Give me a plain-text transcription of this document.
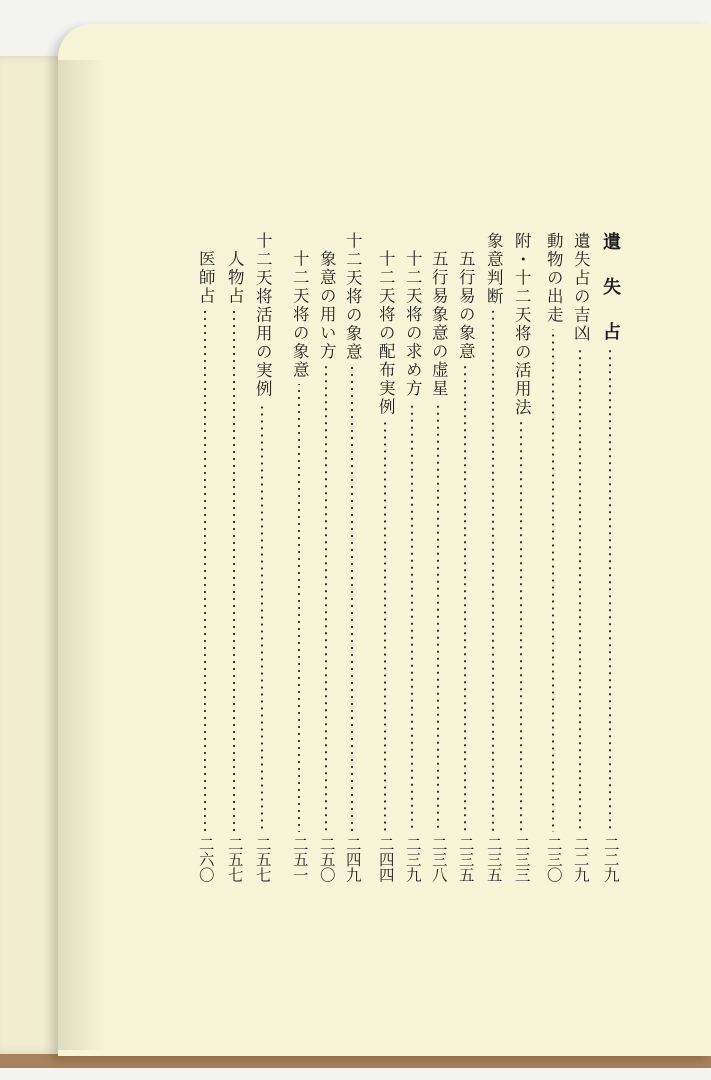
遺 失 占
二二九
遺失占の吉凶
二二九
動物の出走
二三〇
附・十二天将の活用法
二三三
象意判断
二三五
五行易の象意
二三五
五行易象意の虚星
二三八
十二天将の求め方
二三九
十二天将の配布実例
二四四
十二天将の象意
二四九
象意の用い方
二五〇
十二天将の象意
二五一
十二天将活用の実例
二五七
人物占
二五七
医師占
二六〇
